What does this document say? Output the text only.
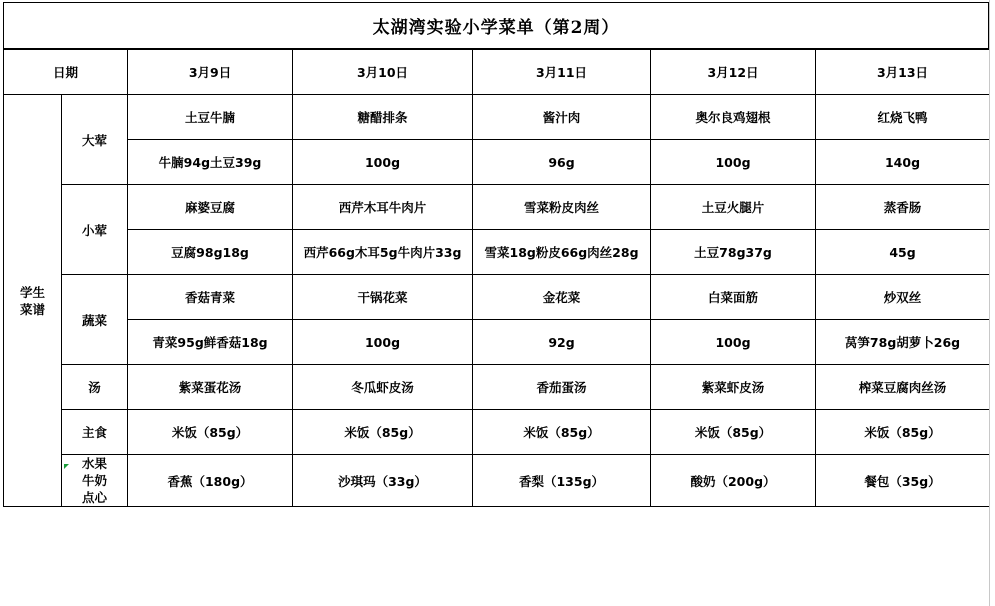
太湖湾实验小学菜单（第2周）
日期		3月9日	3月10日	3月11日	3月12日	3月13日

学生菜谱	大荤	土豆牛腩	糖醋排条	酱汁肉	奥尔良鸡翅根	红烧飞鸭
		牛腩94g土豆39g	100g	96g	100g	140g
	小荤	麻婆豆腐	西芹木耳牛肉片	雪菜粉皮肉丝	土豆火腿片	蒸香肠
		豆腐98g18g	西芹66g木耳5g牛肉片33g	雪菜18g粉皮66g肉丝28g	土豆78g37g	45g
	蔬菜	香菇青菜	干锅花菜	金花菜	白菜面筋	炒双丝
		青菜95g鲜香菇18g	100g	92g	100g	莴笋78g胡萝卜26g
	汤	紫菜蛋花汤	冬瓜虾皮汤	香茄蛋汤	紫菜虾皮汤	榨菜豆腐肉丝汤
	主食	米饭（85g）	米饭（85g）	米饭（85g）	米饭（85g）	米饭（85g）

	水果牛奶点心	香蕉（180g）	沙琪玛（33g）	香梨（135g）	酸奶（200g）	餐包（35g）
